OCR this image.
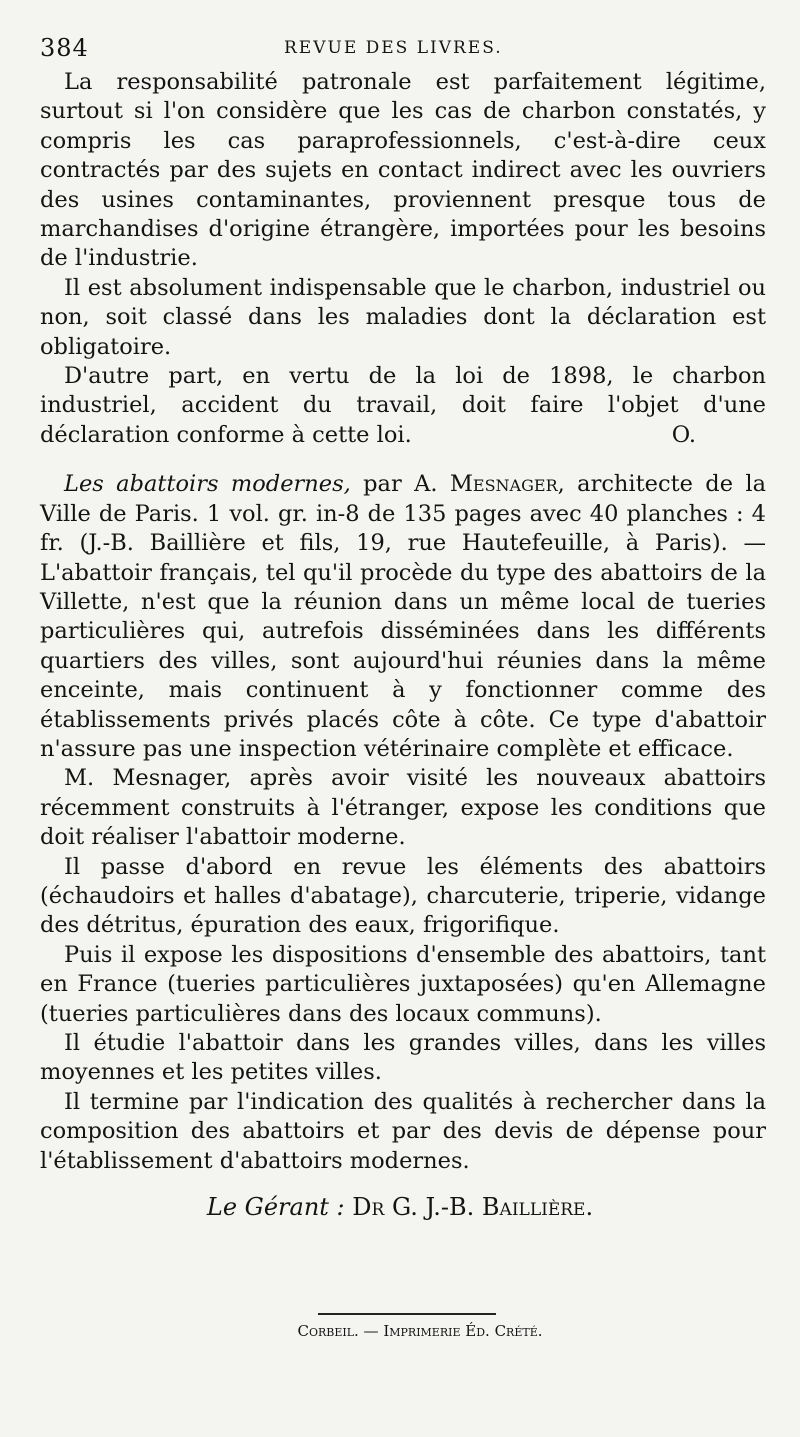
384	REVUE DES LIVRES.

La responsabilité patronale est parfaitement légitime, surtout si l'on considère que les cas de charbon constatés, y compris les cas paraprofessionnels, c'est-à-dire ceux contractés par des sujets en contact indirect avec les ouvriers des usines contaminantes, proviennent presque tous de marchandises d'origine étrangère, importées pour les besoins de l'industrie.

Il est absolument indispensable que le charbon, industriel ou non, soit classé dans les maladies dont la déclaration est obligatoire.

D'autre part, en vertu de la loi de 1898, le charbon industriel, accident du travail, doit faire l'objet d'une déclaration conforme à cette loi.	O.

Les abattoirs modernes, par A. Mesnager, architecte de la Ville de Paris. 1 vol. gr. in-8 de 135 pages avec 40 planches : 4 fr. (J.-B. Baillière et fils, 19, rue Hautefeuille, à Paris). — L'abattoir français, tel qu'il procède du type des abattoirs de la Villette, n'est que la réunion dans un même local de tueries particulières qui, autrefois disséminées dans les différents quartiers des villes, sont aujourd'hui réunies dans la même enceinte, mais continuent à y fonctionner comme des établissements privés placés côte à côte. Ce type d'abattoir n'assure pas une inspection vétérinaire complète et efficace.

M. Mesnager, après avoir visité les nouveaux abattoirs récemment construits à l'étranger, expose les conditions que doit réaliser l'abattoir moderne.

Il passe d'abord en revue les éléments des abattoirs (échaudoirs et halles d'abatage), charcuterie, triperie, vidange des détritus, épuration des eaux, frigorifique.

Puis il expose les dispositions d'ensemble des abattoirs, tant en France (tueries particulières juxtaposées) qu'en Allemagne (tueries particulières dans des locaux communs).

Il étudie l'abattoir dans les grandes villes, dans les villes moyennes et les petites villes.

Il termine par l'indication des qualités à rechercher dans la composition des abattoirs et par des devis de dépense pour l'établissement d'abattoirs modernes.

Le Gérant : Dr G. J.-B. Baillière.
Corbeil. — Imprimerie Éd. Crété.
